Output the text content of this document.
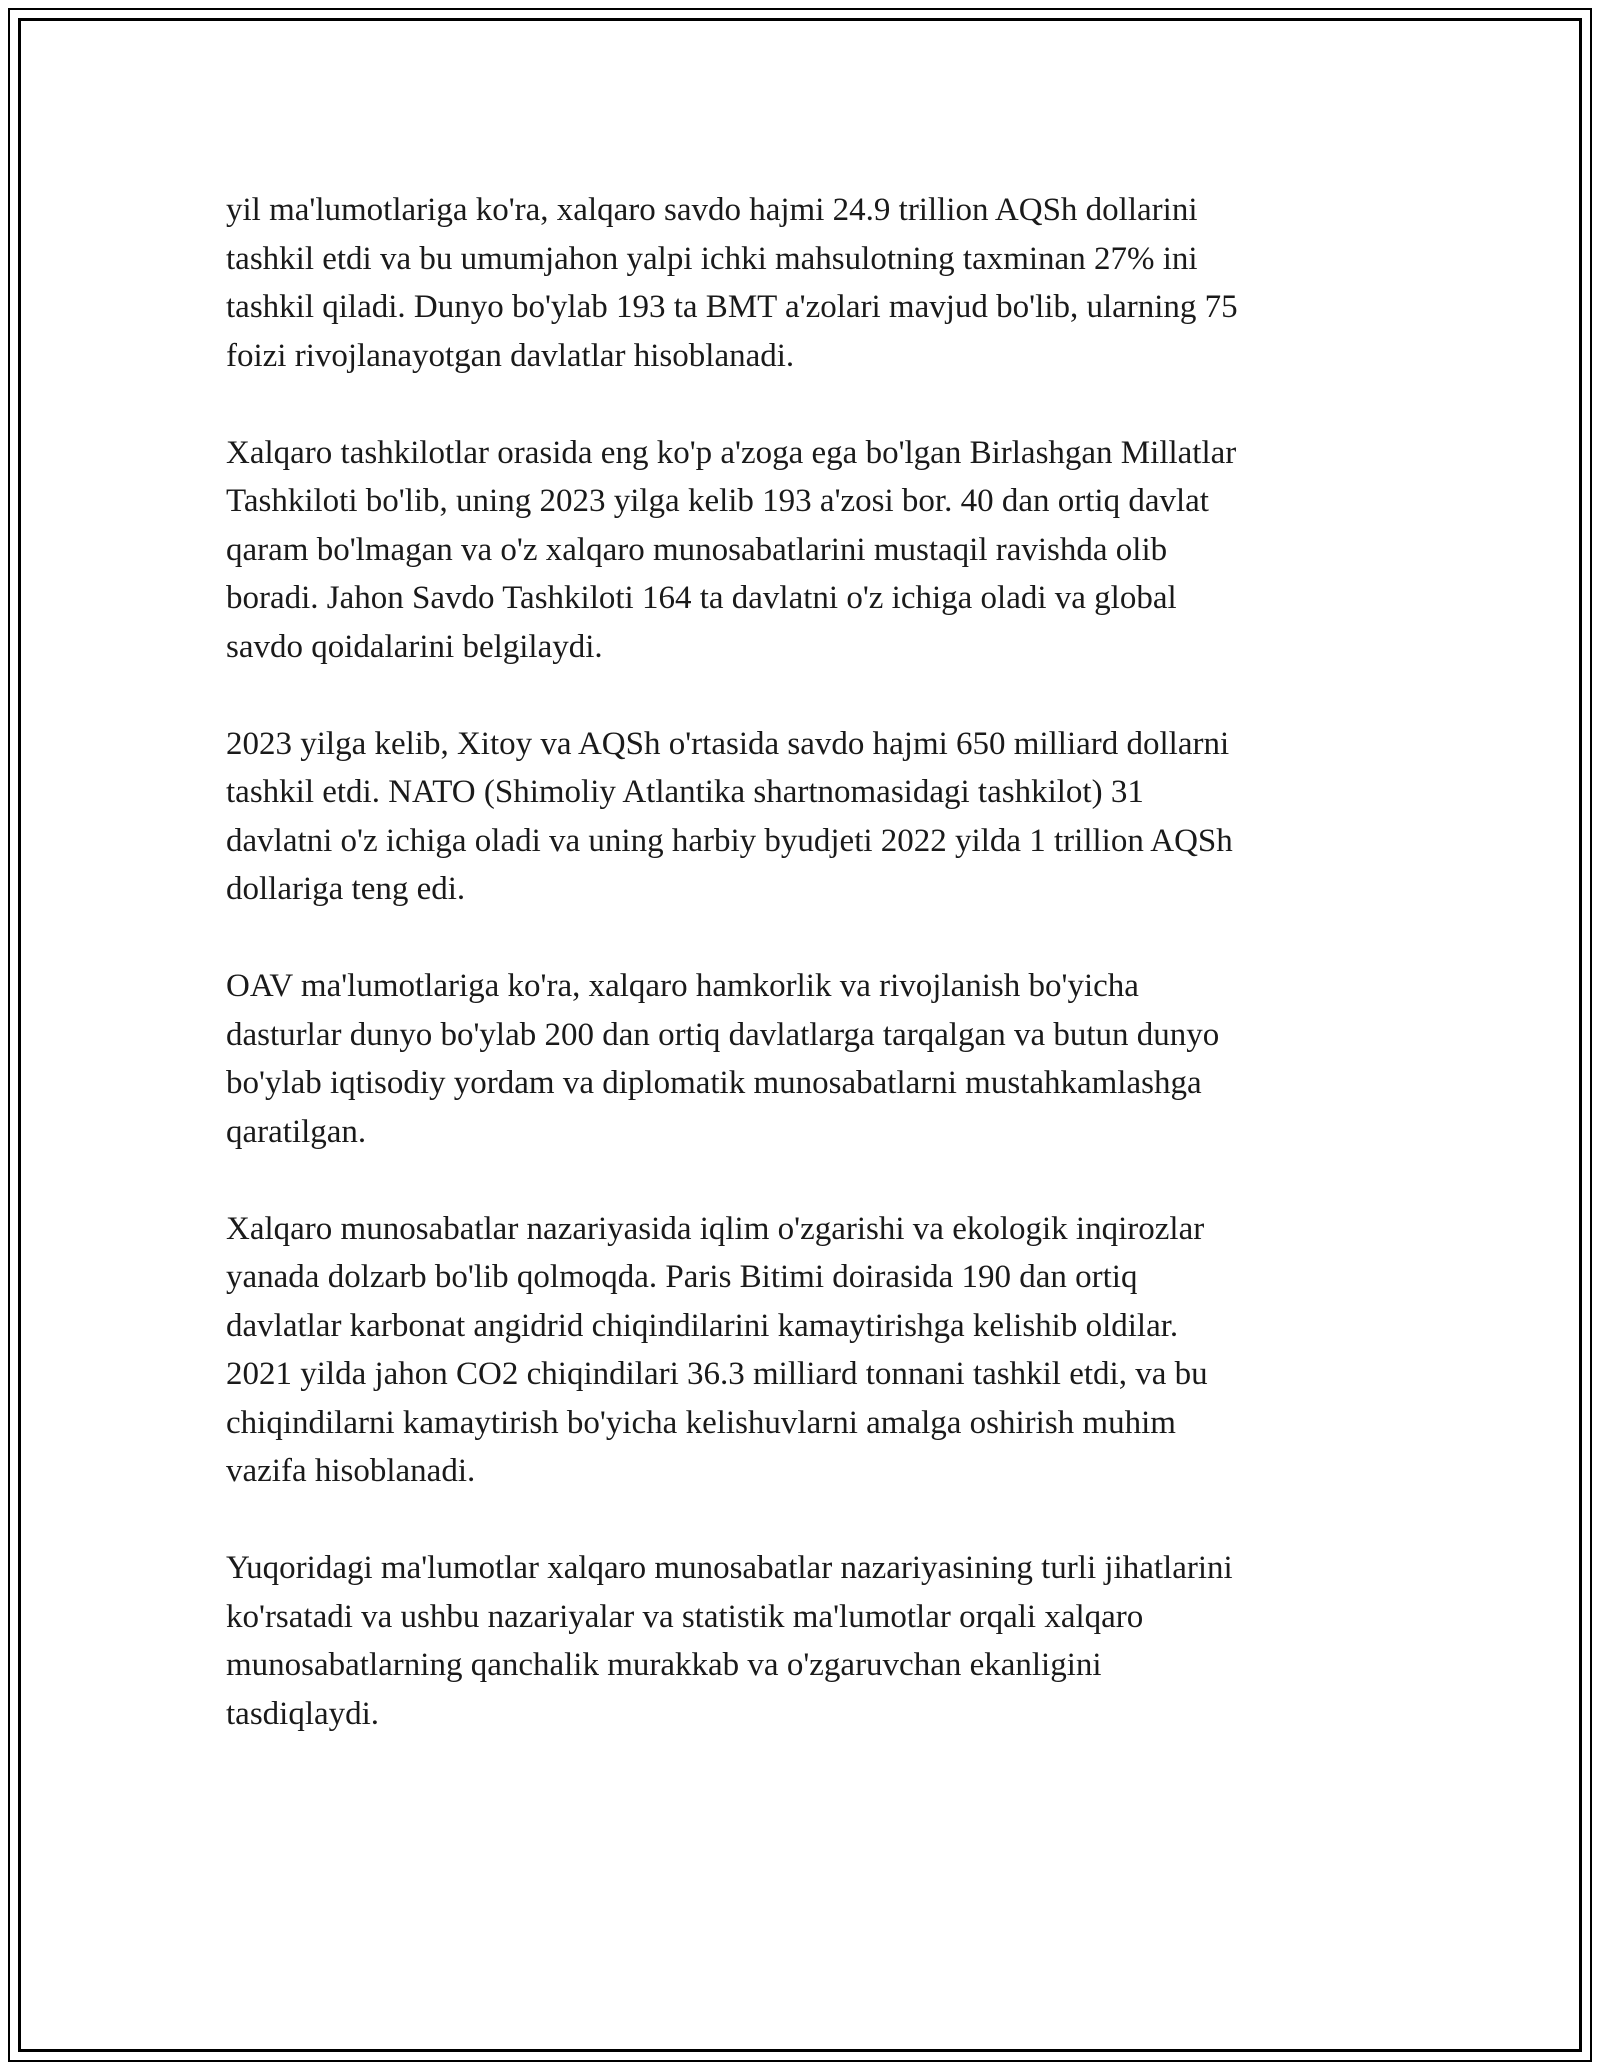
yil ma'lumotlariga ko'ra, xalqaro savdo hajmi 24.9 trillion AQSh dollarini
tashkil etdi va bu umumjahon yalpi ichki mahsulotning taxminan 27% ini
tashkil qiladi. Dunyo bo'ylab 193 ta BMT a'zolari mavjud bo'lib, ularning 75
foizi rivojlanayotgan davlatlar hisoblanadi.

Xalqaro tashkilotlar orasida eng ko'p a'zoga ega bo'lgan Birlashgan Millatlar
Tashkiloti bo'lib, uning 2023 yilga kelib 193 a'zosi bor. 40 dan ortiq davlat
qaram bo'lmagan va o'z xalqaro munosabatlarini mustaqil ravishda olib
boradi. Jahon Savdo Tashkiloti 164 ta davlatni o'z ichiga oladi va global
savdo qoidalarini belgilaydi.

2023 yilga kelib, Xitoy va AQSh o'rtasida savdo hajmi 650 milliard dollarni
tashkil etdi. NATO (Shimoliy Atlantika shartnomasidagi tashkilot) 31
davlatni o'z ichiga oladi va uning harbiy byudjeti 2022 yilda 1 trillion AQSh
dollariga teng edi.

OAV ma'lumotlariga ko'ra, xalqaro hamkorlik va rivojlanish bo'yicha
dasturlar dunyo bo'ylab 200 dan ortiq davlatlarga tarqalgan va butun dunyo
bo'ylab iqtisodiy yordam va diplomatik munosabatlarni mustahkamlashga
qaratilgan.

Xalqaro munosabatlar nazariyasida iqlim o'zgarishi va ekologik inqirozlar
yanada dolzarb bo'lib qolmoqda. Paris Bitimi doirasida 190 dan ortiq
davlatlar karbonat angidrid chiqindilarini kamaytirishga kelishib oldilar.
2021 yilda jahon CO2 chiqindilari 36.3 milliard tonnani tashkil etdi, va bu
chiqindilarni kamaytirish bo'yicha kelishuvlarni amalga oshirish muhim
vazifa hisoblanadi.

Yuqoridagi ma'lumotlar xalqaro munosabatlar nazariyasining turli jihatlarini
ko'rsatadi va ushbu nazariyalar va statistik ma'lumotlar orqali xalqaro
munosabatlarning qanchalik murakkab va o'zgaruvchan ekanligini
tasdiqlaydi.
